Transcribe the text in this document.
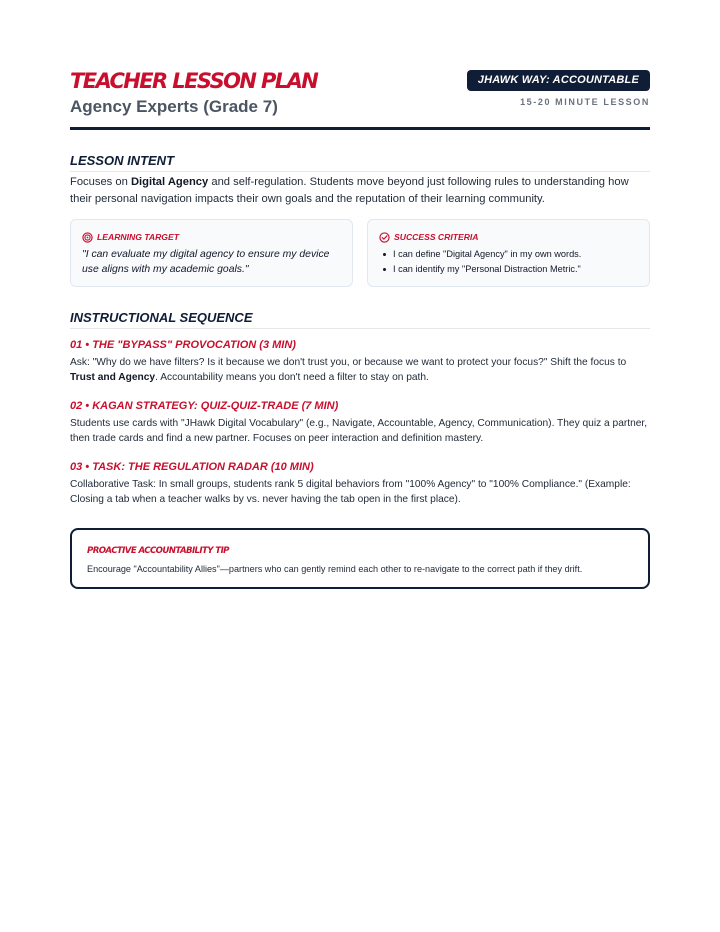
TEACHER LESSON PLAN
Agency Experts (Grade 7)
JHAWK WAY: ACCOUNTABLE
15-20 MINUTE LESSON
LESSON INTENT

Focuses on Digital Agency and self-regulation. Students move beyond just following rules to understanding how their personal navigation impacts their own goals and the reputation of their learning community.

LEARNING TARGET

"I can evaluate my digital agency to ensure my device use aligns with my academic goals."

SUCCESS CRITERIA
I can define "Digital Agency" in my own words.
I can identify my "Personal Distraction Metric."
INSTRUCTIONAL SEQUENCE
01 • THE "BYPASS" PROVOCATION (3 MIN)

Ask: "Why do we have filters? Is it because we don't trust you, or because we want to protect your focus?" Shift the focus to Trust and Agency. Accountability means you don't need a filter to stay on path.

02 • KAGAN STRATEGY: QUIZ-QUIZ-TRADE (7 MIN)

Students use cards with "JHawk Digital Vocabulary" (e.g., Navigate, Accountable, Agency, Communication). They quiz a partner, then trade cards and find a new partner. Focuses on peer interaction and definition mastery.

03 • TASK: THE REGULATION RADAR (10 MIN)

Collaborative Task: In small groups, students rank 5 digital behaviors from "100% Agency" to "100% Compliance." (Example: Closing a tab when a teacher walks by vs. never having the tab open in the first place).

PROACTIVE ACCOUNTABILITY TIP

Encourage "Accountability Allies"—partners who can gently remind each other to re-navigate to the correct path if they drift.
